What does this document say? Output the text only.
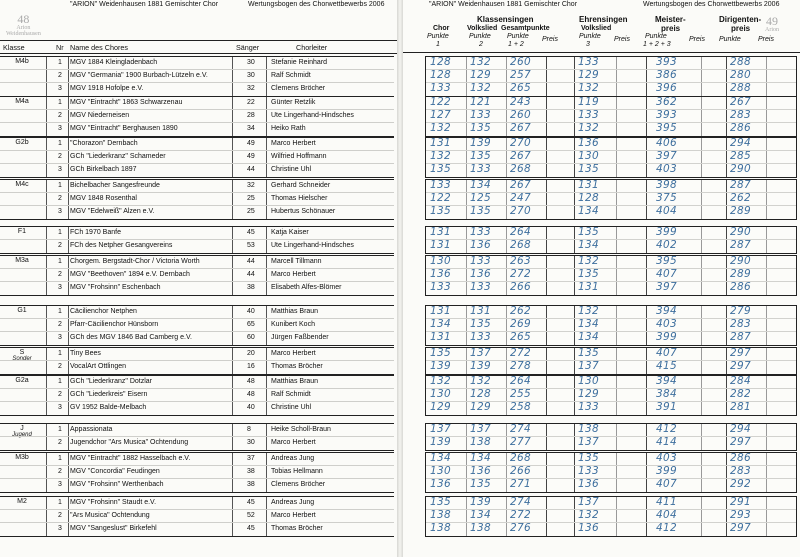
"ARION" Weidenhausen 1881 Gemischter Chor	Wertungsbogen des Chorwettbewerbs 2006
48
Arion
Weidenhausen
Klasse	Nr Name des Chores	Sänger	Chorleiter
M4b	1 MGV 1884 Kleingladenbach	30 Stefanie Reinhard
2 MGV "Germania" 1900 Burbach-Lützeln e.V.	30 Ralf Schmidt
3 MGV 1918 Hofolpe e.V.	32 Clemens Bröcher
M4a	1 MGV "Eintracht" 1863 Schwarzenau	22 Günter Retzlik
2 MGV Niederneisen	28 Ute Lingerhand-Hindsches
3 MGV "Eintracht" Berghausen 1890	34 Heiko Rath
G2b	1 "Chorazon" Dernbach	49 Marco Herbert
2 GCh "Liederkranz" Schameder	49 Wilfried Hoffmann
3 GCh Birkelbach 1897	44 Christine Uhl
M4c	1 Bichelbacher Sangesfreunde	32 Gerhard Schneider
2 MGV 1848 Rosenthal	25 Thomas Hielscher
3 MGV "Edelweiß" Alzen e.V.	25 Hubertus Schönauer
F1	1 FCh 1970 Banfe	45 Katja Kaiser
2 FCh des Netpher Gesangvereins	53 Ute Lingerhand-Hindsches
M3a	1 Chorgem. Bergstadt-Chor / Victoria Worth	44 Marcell Tillmann
2 MGV "Beethoven" 1894 e.V. Dernbach	44 Marco Herbert
3 MGV "Frohsinn" Eschenbach	38 Elisabeth Alfes-Blömer
G1	1 Cäcilienchor Netphen	40 Matthias Braun
2 Pfarr-Cäcilienchor Hünsborn	65 Kunibert Koch
3 GCh des MGV 1846 Bad Camberg e.V.	60 Jürgen Faßbender
S
Sonder
1 Tiny Bees	20 Marco Herbert
2 VocalArt Ottlingen	16 Thomas Bröcher
G2a	1 GCh "Liederkranz" Dotzlar	48 Matthias Braun
2 GCh "Liederkreis" Eisern	48 Ralf Schmidt
3 GV 1952 Balde-Melbach	40 Christine Uhl
J
Jugend
1 Appassionata	8	Heike Scholl-Braun
2 Jugendchor "Ars Musica" Ochtendung	30 Marco Herbert
M3b	1 MGV "Eintracht" 1882 Hasselbach e.V.	37 Andreas Jung
2 MGV "Concordia" Feudingen	38 Tobias Hellmann
3 MGV "Frohsinn" Werthenbach	38 Clemens Bröcher
M2	1 MGV "Frohsinn" Staudt e.V.	45 Andreas Jung
2 "Ars Musica" Ochtendung	52 Marco Herbert
3 MGV "Sangeslust" Birkefehl	45 Thomas Bröcher
"ARION" Weidenhausen 1881 Gemischter Chor	Wertungsbogen des Chorwettbewerbs 2006
49
Arion
Klassensingen
Chor	Volkslied Gesamtpunkte
Punkte
1
Punkte
2
Punkte
1 + 2
Preis
Ehrensingen
Volkslied
Punkte
3
Preis
Meister-
preis
Punkte
1 + 2 + 3
Preis
Dirigenten-
preis
Punkte Preis
128 132 260	133	393	288
128 129 257	129	386	280
133 132 265	132	396	288
122 121 243	119	362	267
127 133 260	133	393	283
132 135 267	132	395	286
131 139 270	136	406	294
132 135 267	130	397	285
135 133 268	135	403	290
133 134 267	131	398	287
122 125 247	128	375	262
135 135 270	134	404	289
131 133 264	135	399	290
131 136 268	134	402	287
130 133 263	132	395	290
136 136 272	135	407	289
133 133 266	131	397	286
131 131 262	132	394	279
134 135 269	134	403	283
131 133 265	134	399	287
135 137 272	135	407	297
139 139 278	137	415	297
132 132 264	130	394	284
130 128 255	129	384	282
129 129 258	133	391	281
137 137 274	138	412	294
139 138 277	137	414	297
134 134 268	135	403	286
130 136 266	133	399	283
136 135 271	136	407	292
135 139 274	137	411	291
138 134 272	132	404	293
138 138 276	136	412	297
